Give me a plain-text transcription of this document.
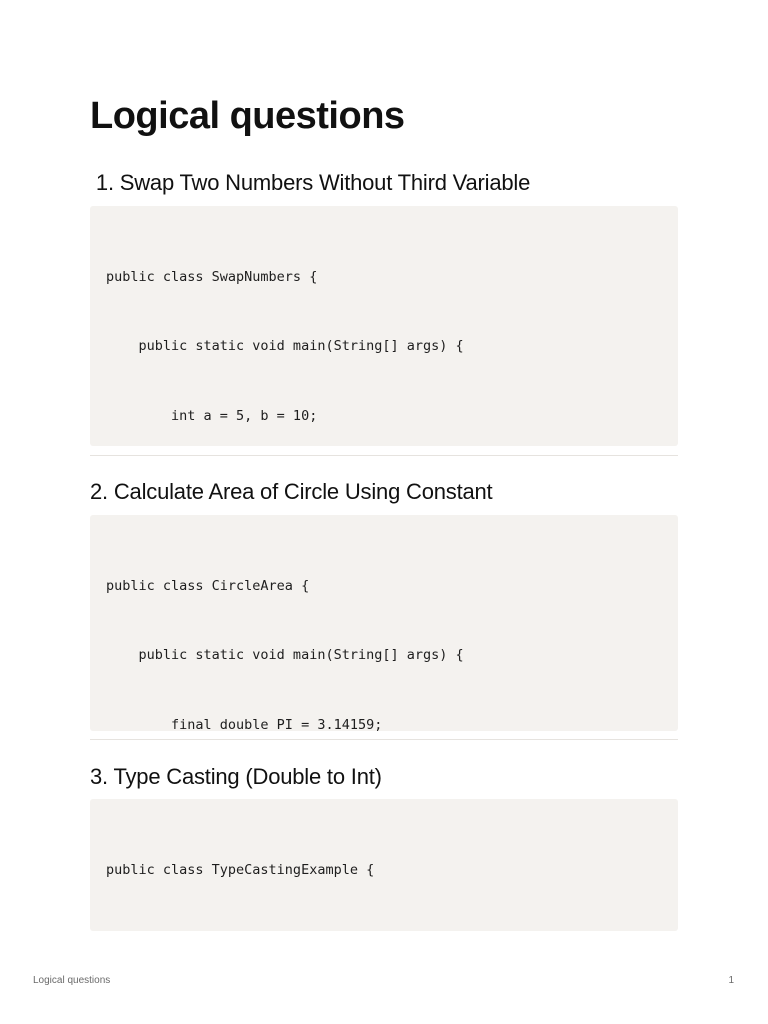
Logical questions
1. Swap Two Numbers Without Third Variable

public class SwapNumbers {

public static void main(String[] args) {

int a = 5, b = 10;

2. Calculate Area of Circle Using Constant

public class CircleArea {

public static void main(String[] args) {

final double PI = 3.14159;

3. Type Casting (Double to Int)

public class TypeCastingExample {

Logical questions	1
